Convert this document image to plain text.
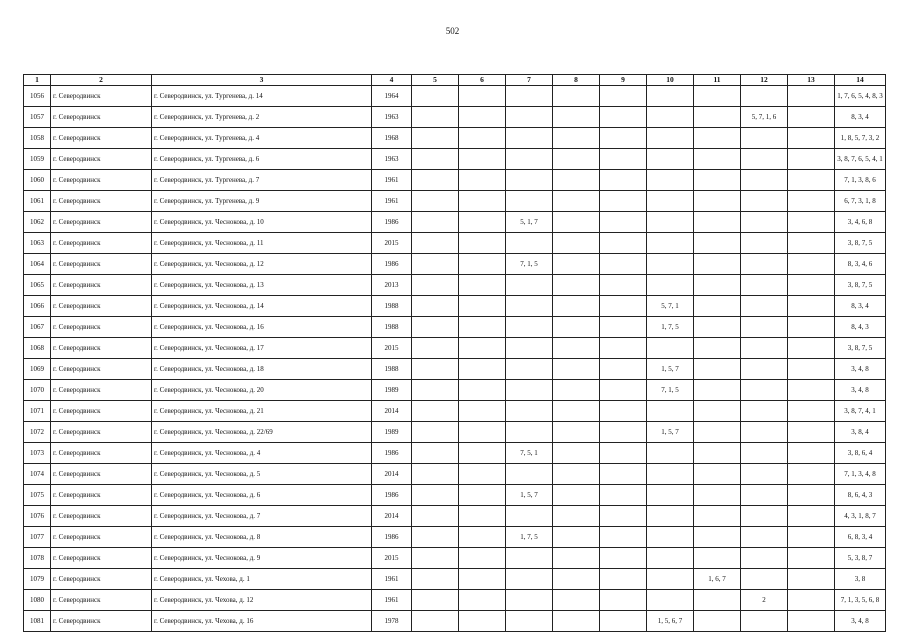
502
1	2	3	4	5	6	7	8	9	10	11	12	13	14
1056	г. Северодвинск	г. Северодвинск, ул. Тургенева, д. 14	1964										1, 7, 6, 5, 4, 8, 3
1057	г. Северодвинск	г. Северодвинск, ул. Тургенева, д. 2	1963								5, 7, 1, 6		8, 3, 4
1058	г. Северодвинск	г. Северодвинск, ул. Тургенева, д. 4	1968										1, 8, 5, 7, 3, 2
1059	г. Северодвинск	г. Северодвинск, ул. Тургенева, д. 6	1963										3, 8, 7, 6, 5, 4, 1
1060	г. Северодвинск	г. Северодвинск, ул. Тургенева, д. 7	1961										7, 1, 3, 8, 6
1061	г. Северодвинск	г. Северодвинск, ул. Тургенева, д. 9	1961										6, 7, 3, 1, 8
1062	г. Северодвинск	г. Северодвинск, ул. Чеснокова, д. 10	1986			5, 1, 7							3, 4, 6, 8
1063	г. Северодвинск	г. Северодвинск, ул. Чеснокова, д. 11	2015										3, 8, 7, 5
1064	г. Северодвинск	г. Северодвинск, ул. Чеснокова, д. 12	1986			7, 1, 5							8, 3, 4, 6
1065	г. Северодвинск	г. Северодвинск, ул. Чеснокова, д. 13	2013										3, 8, 7, 5
1066	г. Северодвинск	г. Северодвинск, ул. Чеснокова, д. 14	1988						5, 7, 1				8, 3, 4
1067	г. Северодвинск	г. Северодвинск, ул. Чеснокова, д. 16	1988						1, 7, 5				8, 4, 3
1068	г. Северодвинск	г. Северодвинск, ул. Чеснокова, д. 17	2015										3, 8, 7, 5
1069	г. Северодвинск	г. Северодвинск, ул. Чеснокова, д. 18	1988						1, 5, 7				3, 4, 8
1070	г. Северодвинск	г. Северодвинск, ул. Чеснокова, д. 20	1989						7, 1, 5				3, 4, 8
1071	г. Северодвинск	г. Северодвинск, ул. Чеснокова, д. 21	2014										3, 8, 7, 4, 1
1072	г. Северодвинск	г. Северодвинск, ул. Чеснокова, д. 22/69	1989						1, 5, 7				3, 8, 4
1073	г. Северодвинск	г. Северодвинск, ул. Чеснокова, д. 4	1986			7, 5, 1							3, 8, 6, 4
1074	г. Северодвинск	г. Северодвинск, ул. Чеснокова, д. 5	2014										7, 1, 3, 4, 8
1075	г. Северодвинск	г. Северодвинск, ул. Чеснокова, д. 6	1986			1, 5, 7							8, 6, 4, 3
1076	г. Северодвинск	г. Северодвинск, ул. Чеснокова, д. 7	2014										4, 3, 1, 8, 7
1077	г. Северодвинск	г. Северодвинск, ул. Чеснокова, д. 8	1986			1, 7, 5							6, 8, 3, 4
1078	г. Северодвинск	г. Северодвинск, ул. Чеснокова, д. 9	2015										5, 3, 8, 7
1079	г. Северодвинск	г. Северодвинск, ул. Чехова, д. 1	1961							1, 6, 7			3, 8
1080	г. Северодвинск	г. Северодвинск, ул. Чехова, д. 12	1961								2		7, 1, 3, 5, 6, 8
1081	г. Северодвинск	г. Северодвинск, ул. Чехова, д. 16	1978						1, 5, 6, 7				3, 4, 8
